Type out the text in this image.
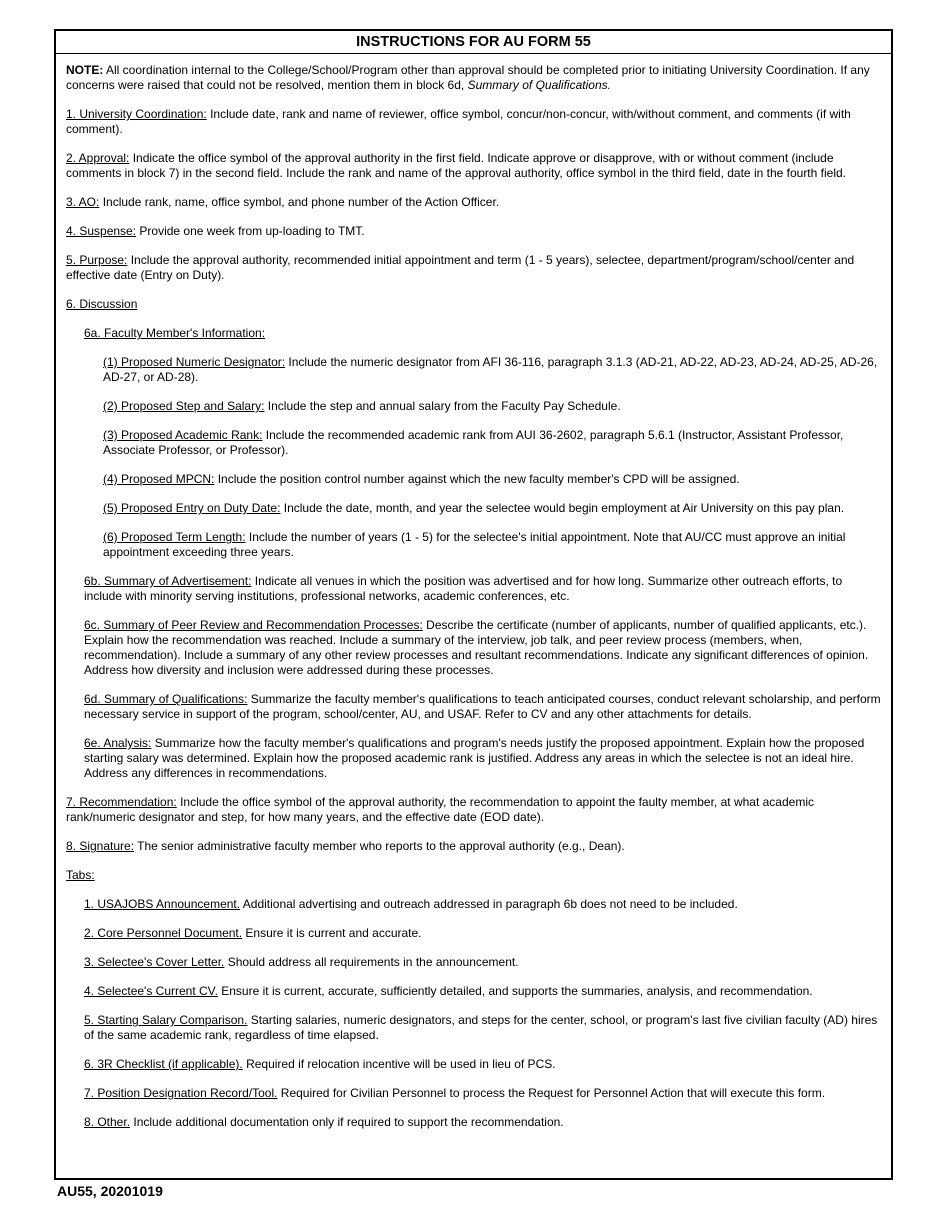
INSTRUCTIONS FOR AU FORM 55

NOTE: All coordination internal to the College/School/Program other than approval should be completed prior to initiating University Coordination. If any concerns were raised that could not be resolved, mention them in block 6d, Summary of Qualifications.

1. University Coordination: Include date, rank and name of reviewer, office symbol, concur/non-concur, with/without comment, and comments (if with comment).

2. Approval: Indicate the office symbol of the approval authority in the first field. Indicate approve or disapprove, with or without comment (include comments in block 7) in the second field. Include the rank and name of the approval authority, office symbol in the third field, date in the fourth field.

3. AO: Include rank, name, office symbol, and phone number of the Action Officer.

4. Suspense: Provide one week from up-loading to TMT.

5. Purpose: Include the approval authority, recommended initial appointment and term (1 - 5 years), selectee, department/program/school/center and effective date (Entry on Duty).

6. Discussion

6a. Faculty Member's Information:

(1) Proposed Numeric Designator: Include the numeric designator from AFI 36-116, paragraph 3.1.3 (AD-21, AD-22, AD-23, AD-24, AD-25, AD-26, AD-27, or AD-28).

(2) Proposed Step and Salary: Include the step and annual salary from the Faculty Pay Schedule.

(3) Proposed Academic Rank: Include the recommended academic rank from AUI 36-2602, paragraph 5.6.1 (Instructor, Assistant Professor, Associate Professor, or Professor).

(4) Proposed MPCN: Include the position control number against which the new faculty member's CPD will be assigned.

(5) Proposed Entry on Duty Date: Include the date, month, and year the selectee would begin employment at Air University on this pay plan.

(6) Proposed Term Length: Include the number of years (1 - 5) for the selectee's initial appointment. Note that AU/CC must approve an initial appointment exceeding three years.

6b. Summary of Advertisement: Indicate all venues in which the position was advertised and for how long. Summarize other outreach efforts, to include with minority serving institutions, professional networks, academic conferences, etc.

6c. Summary of Peer Review and Recommendation Processes: Describe the certificate (number of applicants, number of qualified applicants, etc.). Explain how the recommendation was reached. Include a summary of the interview, job talk, and peer review process (members, when, recommendation). Include a summary of any other review processes and resultant recommendations. Indicate any significant differences of opinion. Address how diversity and inclusion were addressed during these processes.

6d. Summary of Qualifications: Summarize the faculty member's qualifications to teach anticipated courses, conduct relevant scholarship, and perform necessary service in support of the program, school/center, AU, and USAF. Refer to CV and any other attachments for details.

6e. Analysis: Summarize how the faculty member's qualifications and program's needs justify the proposed appointment. Explain how the proposed starting salary was determined. Explain how the proposed academic rank is justified. Address any areas in which the selectee is not an ideal hire. Address any differences in recommendations.

7. Recommendation: Include the office symbol of the approval authority, the recommendation to appoint the faulty member, at what academic rank/numeric designator and step, for how many years, and the effective date (EOD date).

8. Signature: The senior administrative faculty member who reports to the approval authority (e.g., Dean).

Tabs:

1. USAJOBS Announcement. Additional advertising and outreach addressed in paragraph 6b does not need to be included.

2. Core Personnel Document. Ensure it is current and accurate.

3. Selectee's Cover Letter. Should address all requirements in the announcement.

4. Selectee's Current CV. Ensure it is current, accurate, sufficiently detailed, and supports the summaries, analysis, and recommendation.

5. Starting Salary Comparison. Starting salaries, numeric designators, and steps for the center, school, or program's last five civilian faculty (AD) hires of the same academic rank, regardless of time elapsed.

6. 3R Checklist (if applicable). Required if relocation incentive will be used in lieu of PCS.

7. Position Designation Record/Tool. Required for Civilian Personnel to process the Request for Personnel Action that will execute this form.

8. Other. Include additional documentation only if required to support the recommendation.

AU55, 20201019
